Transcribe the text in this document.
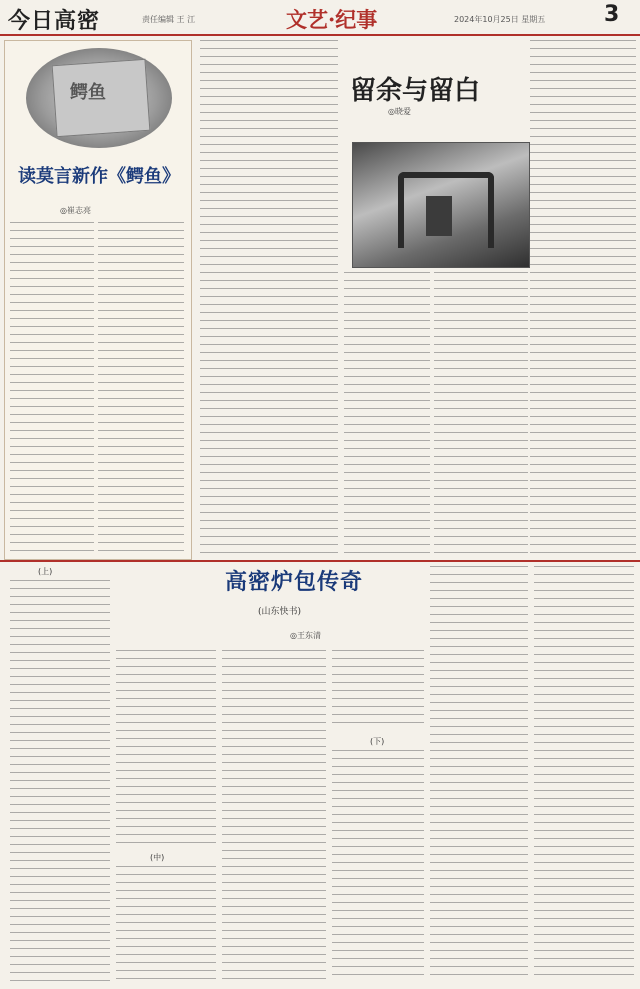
今日高密	责任编辑 王 江	文艺·纪事	2024年10月25日 星期五	3
鳄鱼
读莫言新作《鳄鱼》
◎崔志亮
留余与留白
◎晓爱
高密炉包传奇
(山东快书)
◎王东清
(上)
(中)
(下)
